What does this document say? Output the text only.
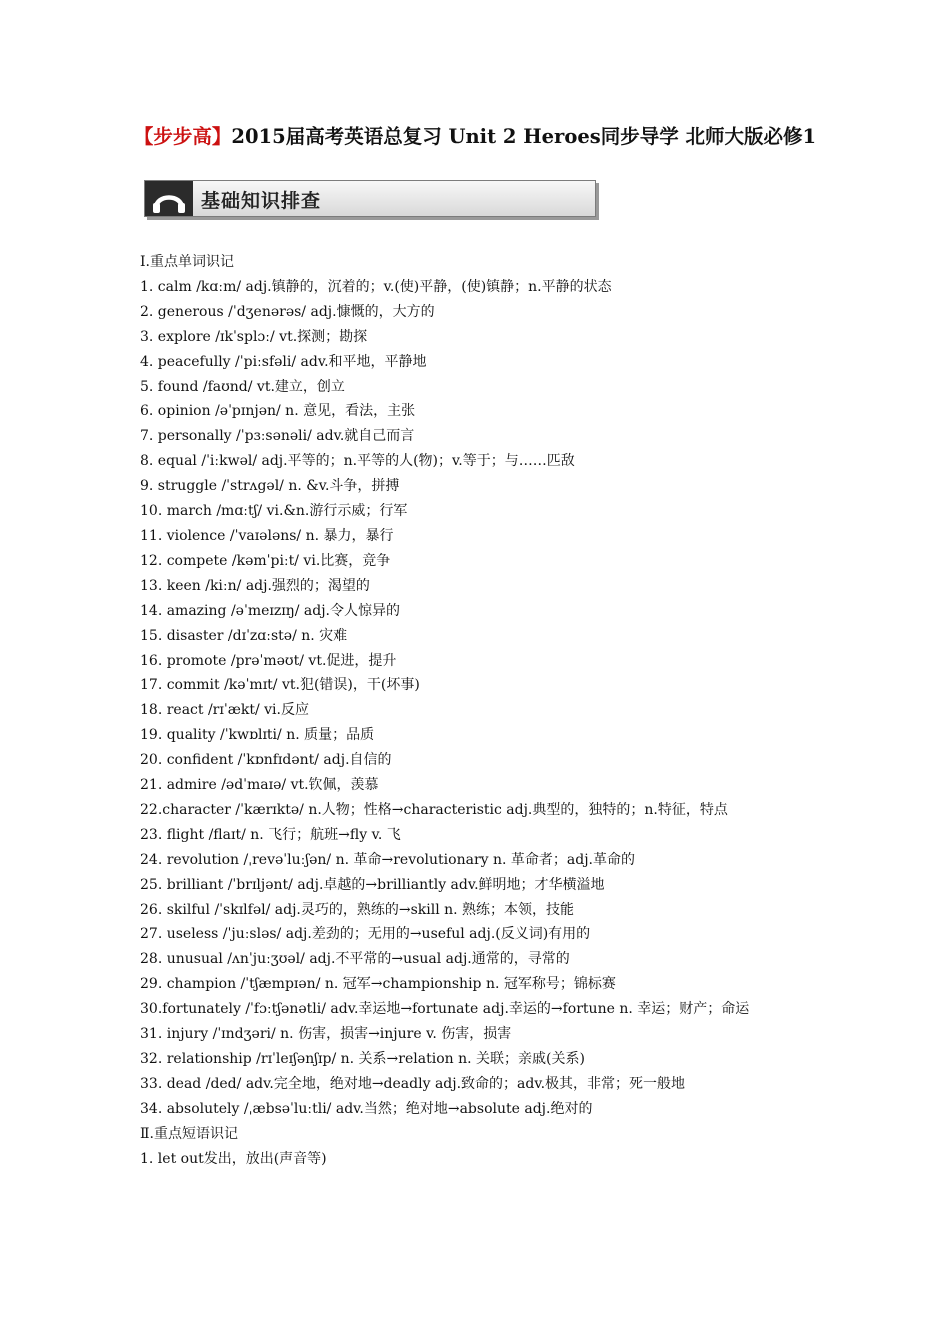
【步步高】2015届高考英语总复习 Unit 2 Heroes同步导学 北师大版必修1
基础知识排查
Ⅰ.重点单词识记
1. calm /kɑːm/ adj.镇静的，沉着的；v.(使)平静，(使)镇静；n.平静的状态
2. generous /ˈdʒenərəs/ adj.慷慨的，大方的
3. explore /ɪkˈsplɔː/ vt.探测；勘探
4. peacefully /ˈpiːsfəli/ adv.和平地，平静地
5. found /faʊnd/ vt.建立，创立
6. opinion /əˈpɪnjən/ n. 意见，看法，主张
7. personally /ˈpɜːsənəli/ adv.就自己而言
8. equal /ˈiːkwəl/ adj.平等的；n.平等的人(物)；v.等于；与……匹敌
9. struggle /ˈstrʌgəl/ n. &v.斗争，拼搏
10. march /mɑːtʃ/ vi.&n.游行示威；行军
11. violence /ˈvaɪələns/ n. 暴力，暴行
12. compete /kəmˈpiːt/ vi.比赛，竞争
13. keen /kiːn/ adj.强烈的；渴望的
14. amazing /əˈmeɪzɪŋ/ adj.令人惊异的
15. disaster /dɪˈzɑːstə/ n. 灾难
16. promote /prəˈməʊt/ vt.促进，提升
17. commit /kəˈmɪt/ vt.犯(错误)，干(坏事)
18. react /rɪˈækt/ vi.反应
19. quality /ˈkwɒlɪti/ n. 质量；品质
20. confident /ˈkɒnfɪdənt/ adj.自信的
21. admire /ədˈmaɪə/ vt.钦佩，羡慕
22.character /ˈkærɪktə/ n.人物；性格→characteristic adj.典型的，独特的；n.特征，特点
23. flight /flaɪt/ n. 飞行；航班→fly v. 飞
24. revolution /ˌrevəˈluːʃən/ n. 革命→revolutionary n. 革命者；adj.革命的
25. brilliant /ˈbrɪljənt/ adj.卓越的→brilliantly adv.鲜明地；才华横溢地
26. skilful /ˈskɪlfəl/ adj.灵巧的，熟练的→skill n. 熟练；本领，技能
27. useless /ˈjuːsləs/ adj.差劲的；无用的→useful adj.(反义词)有用的
28. unusual /ʌnˈjuːʒʊəl/ adj.不平常的→usual adj.通常的，寻常的
29. champion /ˈtʃæmpɪən/ n. 冠军→championship n. 冠军称号；锦标赛
30.fortunately /ˈfɔːtʃənətli/ adv.幸运地→fortunate adj.幸运的→fortune n. 幸运；财产；命运
31. injury /ˈɪndʒəri/ n. 伤害，损害→injure v. 伤害，损害
32. relationship /rɪˈleɪʃənʃɪp/ n. 关系→relation n. 关联；亲戚(关系)
33. dead /ded/ adv.完全地，绝对地→deadly adj.致命的；adv.极其，非常；死一般地
34. absolutely /ˌæbsəˈluːtli/ adv.当然；绝对地→absolute adj.绝对的
Ⅱ.重点短语识记
1. let out发出，放出(声音等)
